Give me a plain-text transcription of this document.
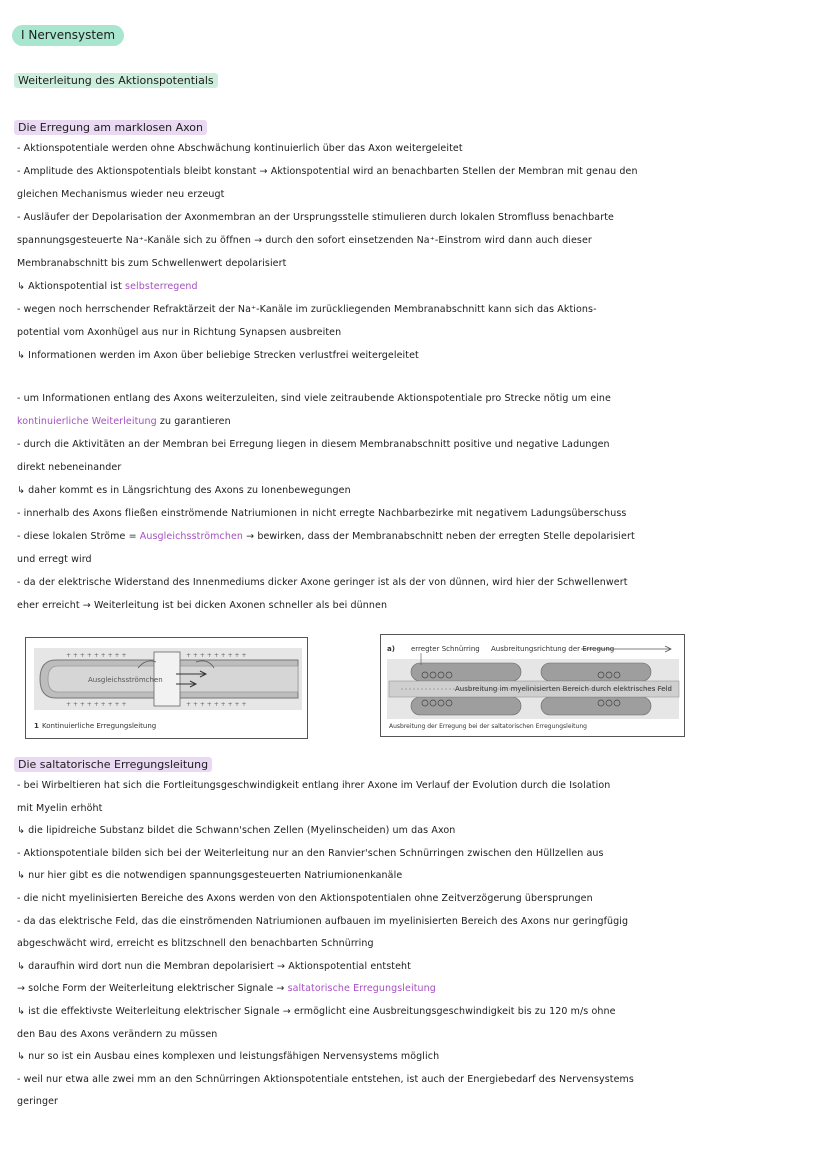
I Nervensystem
Weiterleitung des Aktionspotentials
Die Erregung am marklosen Axon
- Aktionspotentiale werden ohne Abschwächung kontinuierlich über das Axon weitergeleitet
- Amplitude des Aktionspotentials bleibt konstant → Aktionspotential wird an benachbarten Stellen der Membran mit genau den
gleichen Mechanismus wieder neu erzeugt
- Ausläufer der Depolarisation der Axonmembran an der Ursprungsstelle stimulieren durch lokalen Stromfluss benachbarte
spannungsgesteuerte Na⁺-Kanäle sich zu öffnen → durch den sofort einsetzenden Na⁺-Einstrom wird dann auch dieser
Membranabschnitt bis zum Schwellenwert depolarisiert
↳ Aktionspotential ist selbsterregend
- wegen noch herrschender Refraktärzeit der Na⁺-Kanäle im zurückliegenden Membranabschnitt kann sich das Aktions-
potential vom Axonhügel aus nur in Richtung Synapsen ausbreiten
↳ Informationen werden im Axon über beliebige Strecken verlustfrei weitergeleitet
- um Informationen entlang des Axons weiterzuleiten, sind viele zeitraubende Aktionspotentiale pro Strecke nötig um eine
kontinuierliche Weiterleitung zu garantieren
- durch die Aktivitäten an der Membran bei Erregung liegen in diesem Membranabschnitt positive und negative Ladungen
direkt nebeneinander
↳ daher kommt es in Längsrichtung des Axons zu Ionenbewegungen
- innerhalb des Axons fließen einströmende Natriumionen in nicht erregte Nachbarbezirke mit negativem Ladungsüberschuss
- diese lokalen Ströme = Ausgleichsströmchen → bewirken, dass der Membranabschnitt neben der erregten Stelle depolarisiert
und erregt wird
- da der elektrische Widerstand des Innenmediums dicker Axone geringer ist als der von dünnen, wird hier der Schwellenwert
eher erreicht → Weiterleitung ist bei dicken Axonen schneller als bei dünnen
+ + + + + + + + +	+ + + + + + + + +
+ + + + + + + + +	+ + + + + + + + +
Ausgleichsströmchen
1 Kontinuierliche Erregungsleitung
a) erregter Schnürring Ausbreitungsrichtung der Erregung
Ausbreitung im myelinisierten Bereich durch elektrisches Feld
Ausbreitung der Erregung bei der saltatorischen Erregungsleitung
Die saltatorische Erregungsleitung
- bei Wirbeltieren hat sich die Fortleitungsgeschwindigkeit entlang ihrer Axone im Verlauf der Evolution durch die Isolation
mit Myelin erhöht
↳ die lipidreiche Substanz bildet die Schwann'schen Zellen (Myelinscheiden) um das Axon
- Aktionspotentiale bilden sich bei der Weiterleitung nur an den Ranvier'schen Schnürringen zwischen den Hüllzellen aus
↳ nur hier gibt es die notwendigen spannungsgesteuerten Natriumionenkanäle
- die nicht myelinisierten Bereiche des Axons werden von den Aktionspotentialen ohne Zeitverzögerung übersprungen
- da das elektrische Feld, das die einströmenden Natriumionen aufbauen im myelinisierten Bereich des Axons nur geringfügig
abgeschwächt wird, erreicht es blitzschnell den benachbarten Schnürring
↳ daraufhin wird dort nun die Membran depolarisiert → Aktionspotential entsteht
→ solche Form der Weiterleitung elektrischer Signale → saltatorische Erregungsleitung
↳ ist die effektivste Weiterleitung elektrischer Signale → ermöglicht eine Ausbreitungsgeschwindigkeit bis zu 120 m/s ohne
den Bau des Axons verändern zu müssen
↳ nur so ist ein Ausbau eines komplexen und leistungsfähigen Nervensystems möglich
- weil nur etwa alle zwei mm an den Schnürringen Aktionspotentiale entstehen, ist auch der Energiebedarf des Nervensystems
geringer
